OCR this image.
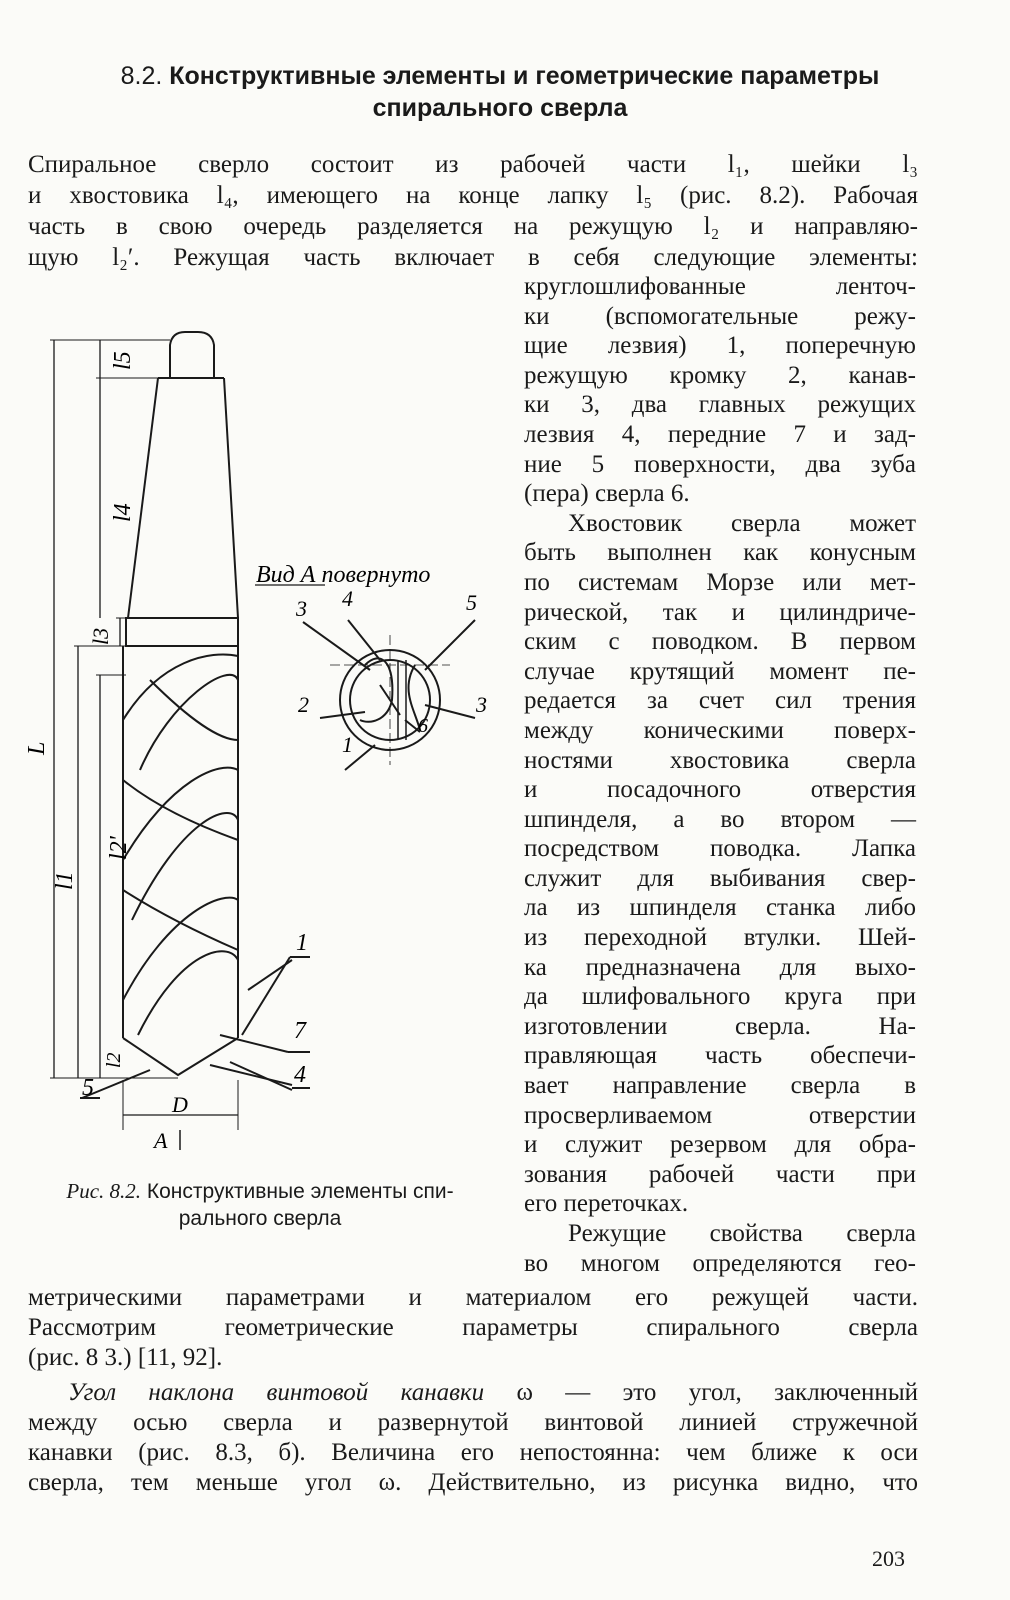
8.2. Конструктивные элементы и геометрические параметры
спирального сверла
Спиральное сверло состоит из рабочей части l₁, шейки l₃
и хвостовика l₄, имеющего на конце лапку l₅ (рис. 8.2). Рабочая
часть в свою очередь разделяется на режущую l₂ и направляю-
щую l₂′. Режущая часть включает в себя следующие элементы:
круглошлифованные ленточ-
ки (вспомогательные режу-
щие лезвия) 1, поперечную
режущую кромку 2, канав-
ки 3, два главных режущих
лезвия 4, передние 7 и зад-
ние 5 поверхности, два зуба
(пера) сверла 6.
Хвостовик сверла может
быть выполнен как конусным
по системам Морзе или мет-
рической, так и цилиндриче-
ским с поводком. В первом
случае крутящий момент пе-
редается за счет сил трения
между коническими поверх-
ностями хвостовика сверла
и посадочного отверстия
шпинделя, а во втором —
посредством поводка. Лапка
служит для выбивания свер-
ла из шпинделя станка либо
из переходной втулки. Шей-
ка предназначена для выхо-
да шлифовального круга при
изготовлении сверла. На-
правляющая часть обеспечи-
вает направление сверла в
просверливаемом отверстии
и служит резервом для обра-
зования рабочей части при
его переточках.
Режущие свойства сверла
во многом определяются гео-
l5
l4
l3
L
l2'
l1
l2
D
A
1
7
4
5
Вид А повернуто
3 4	5
2	3
6
1
Рис. 8.2. Конструктивные элементы спи-
рального сверла
метрическими параметрами и материалом его режущей части.
Рассмотрим геометрические параметры спирального сверла
(рис. 8 3.) [11, 92].
Угол наклона винтовой канавки ω — это угол, заключенный
между осью сверла и развернутой винтовой линией стружечной
канавки (рис. 8.3, б). Величина его непостоянна: чем ближе к оси
сверла, тем меньше угол ω. Действительно, из рисунка видно, что
203
